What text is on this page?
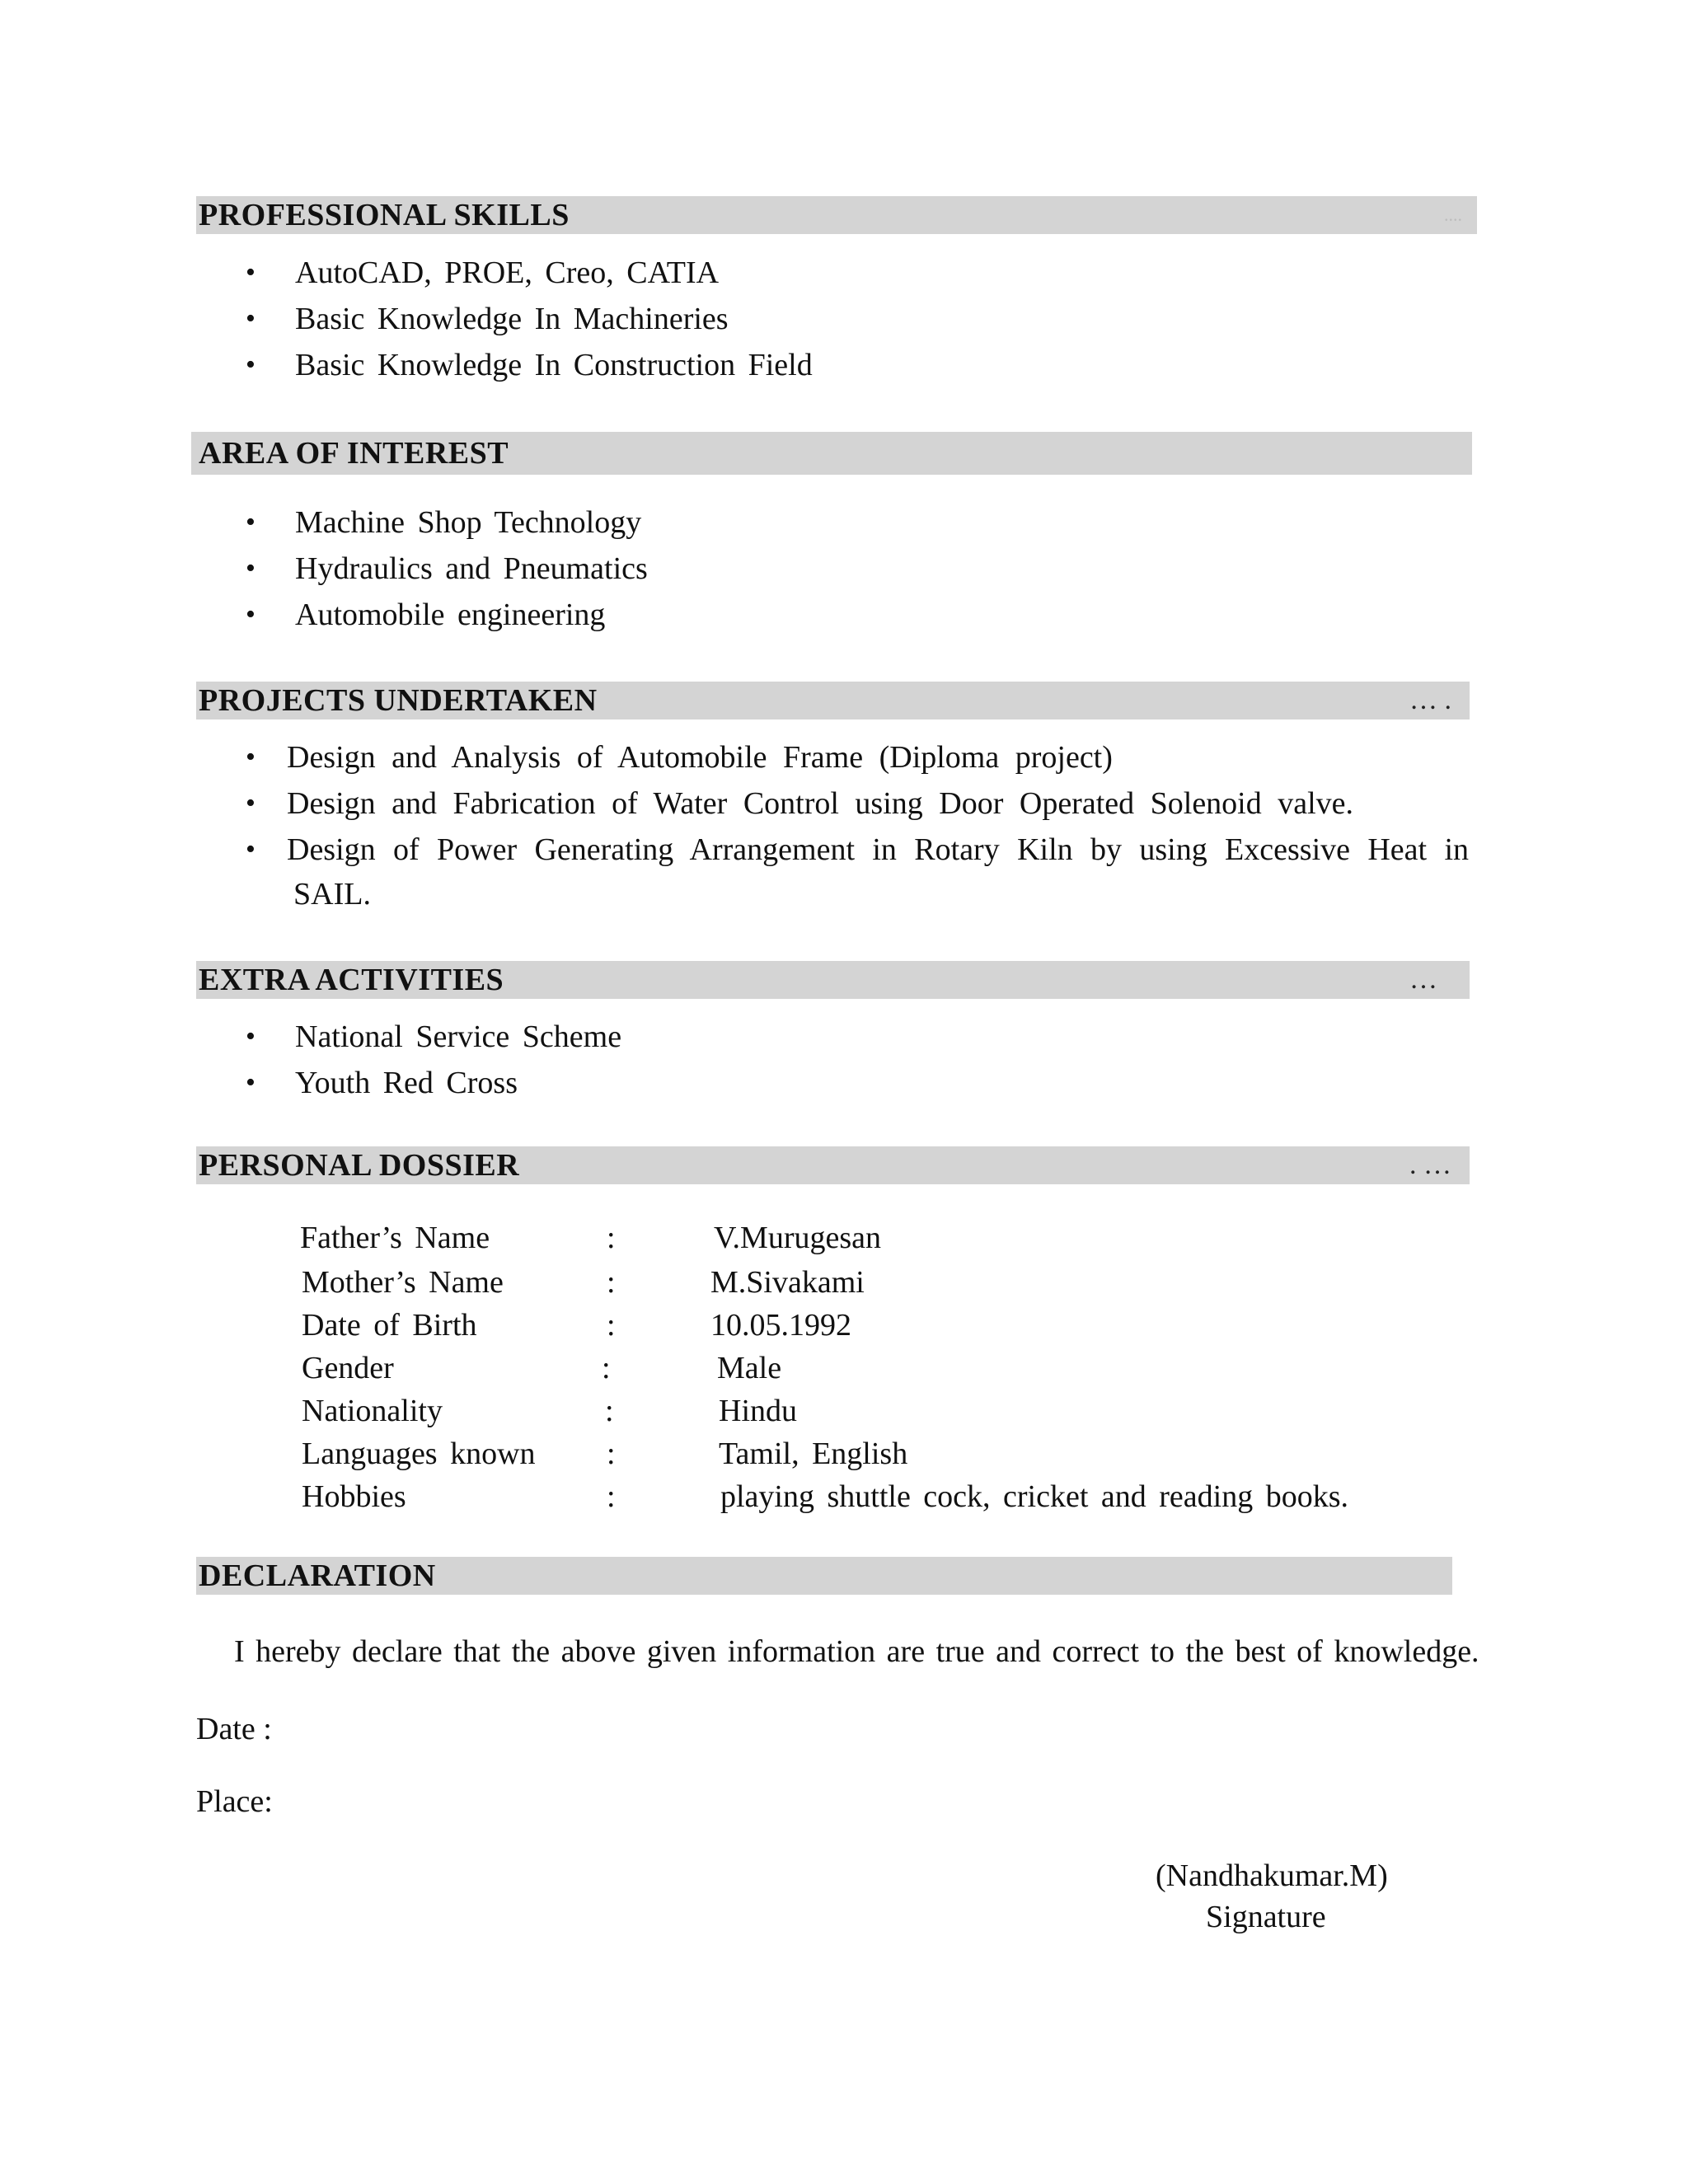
PROFESSIONAL SKILLS	....
• AutoCAD, PROE, Creo, CATIA
• Basic Knowledge In Machineries
• Basic Knowledge In Construction Field
AREA OF INTEREST
• Machine Shop Technology
• Hydraulics and Pneumatics
• Automobile engineering
PROJECTS UNDERTAKEN	… .
• Design and Analysis of Automobile Frame (Diploma project)
• Design and Fabrication of Water Control using Door Operated Solenoid valve.
• Design of Power Generating Arrangement in Rotary Kiln by using Excessive Heat in
SAIL.
EXTRA ACTIVITIES	…
• National Service Scheme
• Youth Red Cross
PERSONAL DOSSIER	. …
Father’s Name	:	V.Murugesan
Mother’s Name	:	M.Sivakami
Date of Birth	:	10.05.1992
Gender	:	Male
Nationality	:	Hindu
Languages known :	Tamil, English
Hobbies	:	playing shuttle cock, cricket and reading books.
DECLARATION
I hereby declare that the above given information are true and correct to the best of knowledge.
Date :
Place:
(Nandhakumar.M)
Signature
